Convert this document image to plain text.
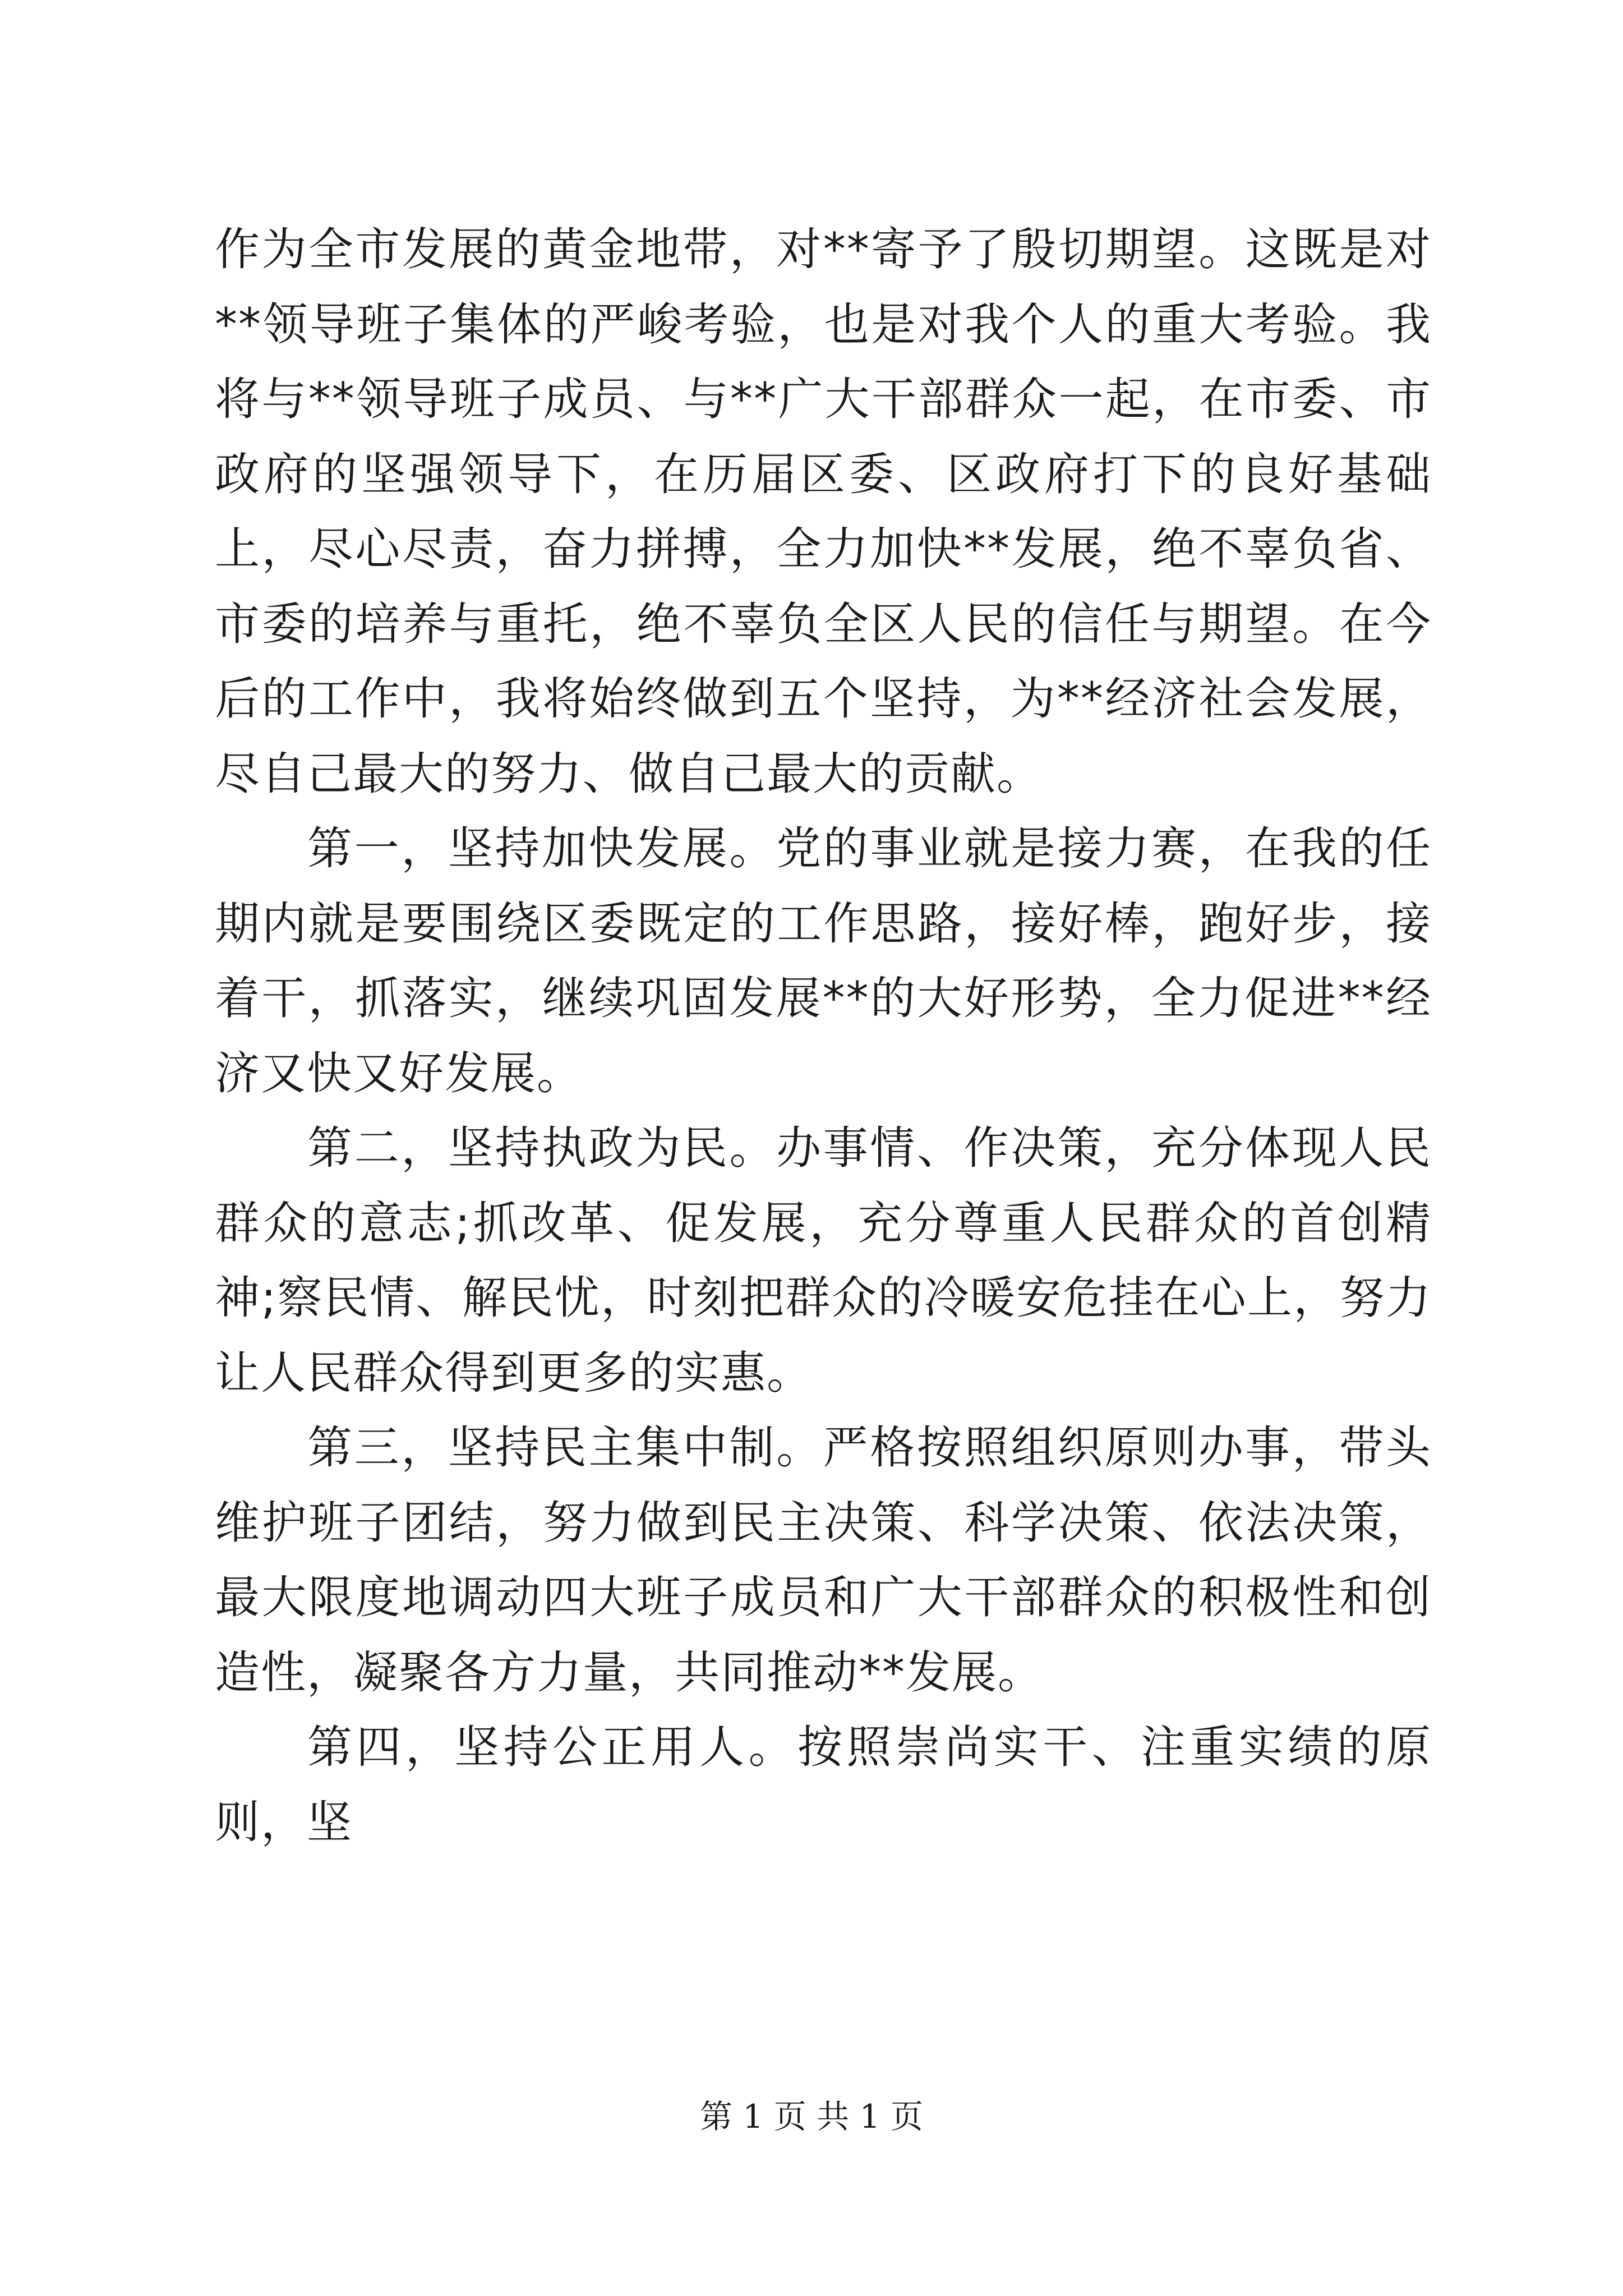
作为全市发展的黄金地带，对**寄予了殷切期望。这既是对**领导班子集体的严峻考验，也是对我个人的重大考验。我将与**领导班子成员、与**广大干部群众一起，在市委、市政府的坚强领导下，在历届区委、区政府打下的良好基础上，尽心尽责，奋力拼搏，全力加快**发展，绝不辜负省、市委的培养与重托，绝不辜负全区人民的信任与期望。在今后的工作中，我将始终做到五个坚持，为**经济社会发展，尽自己最大的努力、做自己最大的贡献。

第一，坚持加快发展。党的事业就是接力赛，在我的任期内就是要围绕区委既定的工作思路，接好棒，跑好步，接着干，抓落实，继续巩固发展**的大好形势，全力促进**经济又快又好发展。

第二，坚持执政为民。办事情、作决策，充分体现人民群众的意志;抓改革、促发展，充分尊重人民群众的首创精神;察民情、解民忧，时刻把群众的冷暖安危挂在心上，努力让人民群众得到更多的实惠。

第三，坚持民主集中制。严格按照组织原则办事，带头维护班子团结，努力做到民主决策、科学决策、依法决策，最大限度地调动四大班子成员和广大干部群众的积极性和创造性，凝聚各方力量，共同推动**发展。

第四，坚持公正用人。按照崇尚实干、注重实绩的原则，坚

第 1 页 共 1 页
